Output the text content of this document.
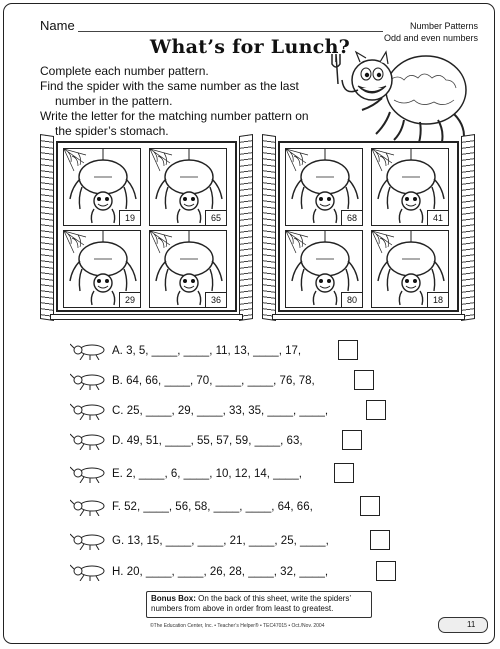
Name	Number Patterns
Odd and even numbers
What’s for Lunch?
Complete each number pattern.
Find the spider with the same number as the last
number in the pattern.
Write the letter for the matching number pattern on
the spider’s stomach.
19	65
29	36
68	41
80	18
A. 3, 5, ____, ____, 11, 13, ____, 17,
B. 64, 66, ____, 70, ____, ____, 76, 78,
C. 25, ____, 29, ____, 33, 35, ____, ____,
D. 49, 51, ____, 55, 57, 59, ____, 63,
E. 2, ____, 6, ____, 10, 12, 14, ____,
F. 52, ____, 56, 58, ____, ____, 64, 66,
G. 13, 15, ____, ____, 21, ____, 25, ____,
H. 20, ____, ____, 26, 28, ____, 32, ____,
Bonus Box: On the back of this sheet, write the spiders’ numbers from above in order from least to greatest.
©The Education Center, Inc. • Teacher’s Helper® • TEC47015 • Oct./Nov. 2004	11
